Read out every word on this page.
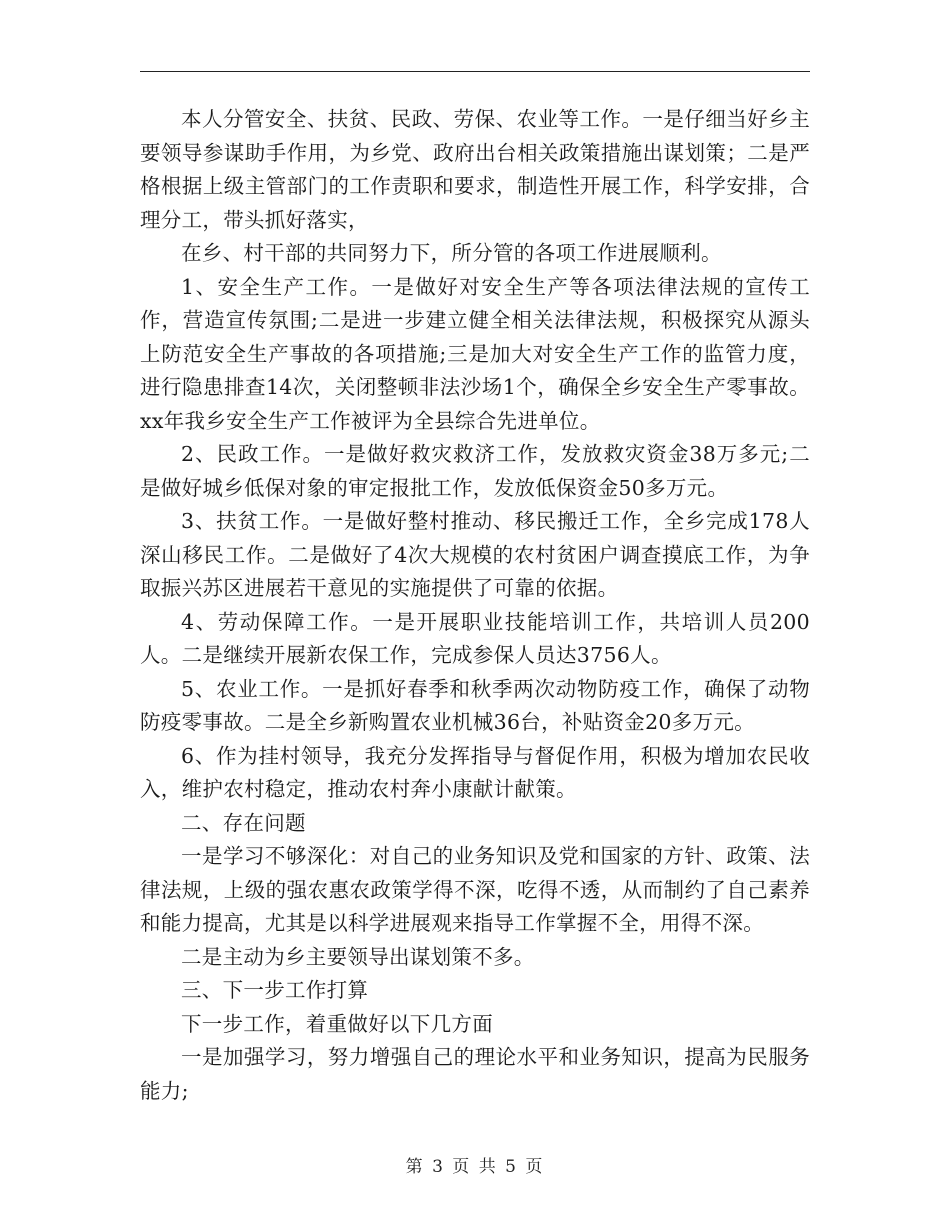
本人分管安全、扶贫、民政、劳保、农业等工作。一是仔细当好乡主要领导参谋助手作用，为乡党、政府出台相关政策措施出谋划策；二是严格根据上级主管部门的工作责职和要求，制造性开展工作，科学安排，合理分工，带头抓好落实，

在乡、村干部的共同努力下，所分管的各项工作进展顺利。

1、安全生产工作。一是做好对安全生产等各项法律法规的宣传工作，营造宣传氛围;二是进一步建立健全相关法律法规，积极探究从源头上防范安全生产事故的各项措施;三是加大对安全生产工作的监管力度，进行隐患排查14次，关闭整顿非法沙场1个，确保全乡安全生产零事故。xx年我乡安全生产工作被评为全县综合先进单位。

2、民政工作。一是做好救灾救济工作，发放救灾资金38万多元;二是做好城乡低保对象的审定报批工作，发放低保资金50多万元。

3、扶贫工作。一是做好整村推动、移民搬迁工作，全乡完成178人深山移民工作。二是做好了4次大规模的农村贫困户调查摸底工作，为争取振兴苏区进展若干意见的实施提供了可靠的依据。

4、劳动保障工作。一是开展职业技能培训工作，共培训人员200人。二是继续开展新农保工作，完成参保人员达3756人。

5、农业工作。一是抓好春季和秋季两次动物防疫工作，确保了动物防疫零事故。二是全乡新购置农业机械36台，补贴资金20多万元。

6、作为挂村领导，我充分发挥指导与督促作用，积极为增加农民收入，维护农村稳定，推动农村奔小康献计献策。

二、存在问题

一是学习不够深化：对自己的业务知识及党和国家的方针、政策、法律法规，上级的强农惠农政策学得不深，吃得不透，从而制约了自己素养和能力提高，尤其是以科学进展观来指导工作掌握不全，用得不深。

二是主动为乡主要领导出谋划策不多。

三、下一步工作打算

下一步工作，着重做好以下几方面

一是加强学习，努力增强自己的理论水平和业务知识，提高为民服务能力;

第 3 页 共 5 页
